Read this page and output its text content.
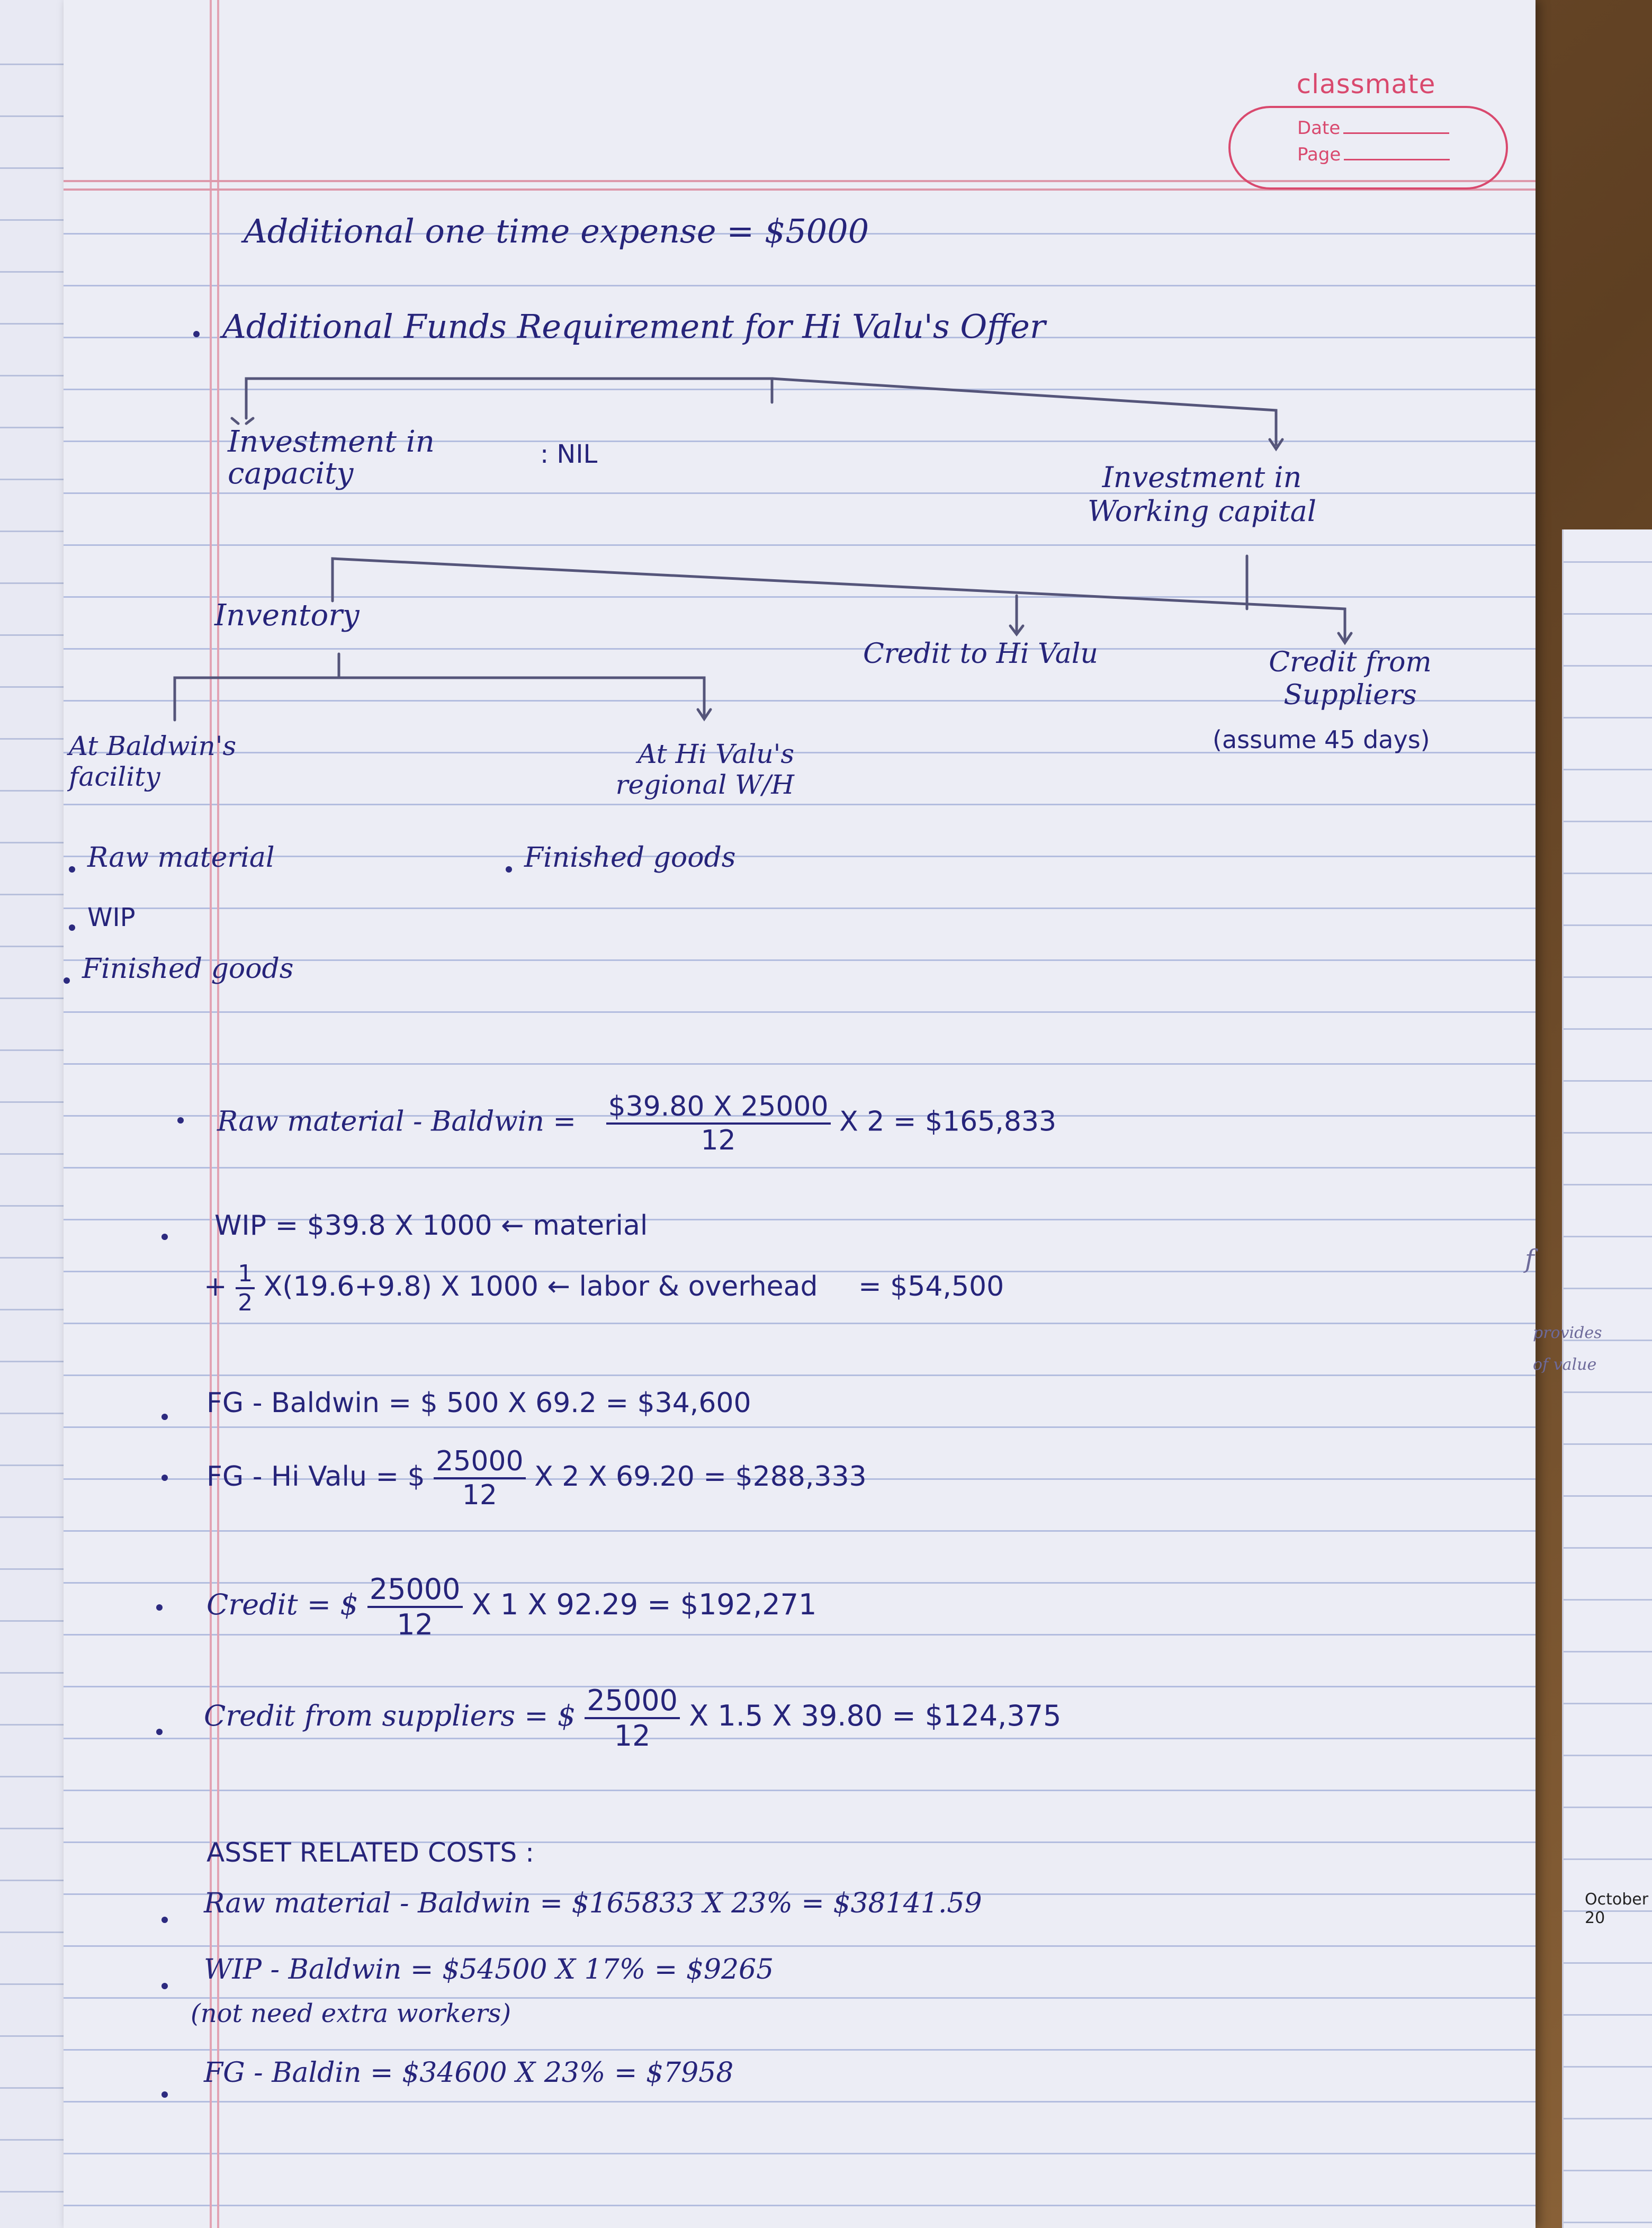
October 20
classmate
Date
Page
Additional one time expense = $5000
Additional Funds Requirement for Hi Valu's Offer
Investment in capacity
: NIL
Investment in Working capital
Inventory
Credit to Hi Valu	Credit from Suppliers
(assume 45 days)
At Baldwin's facility
At Hi Valu's regional W/H
Raw material
WIP
Finished goods
Finished goods
Raw material - Baldwin = $\frac{\$39.80 X 25000}{12}$ X 2 = $165,833
WIP = $39.8 X 1000 ← material
+ $\frac{1}{2} X(19.6+9.8)$ X 1000 ← labor & overhead = $54,500
FG - Baldwin = $ 500 X 69.2 = $34,600
FG - Hi Valu = $ $\frac{25000}{12}$ X 2 X 69.20 = $288,333
Credit = $ $\frac{25000}{12}$ X 1 X 92.29 = $192,271
Credit from suppliers = $ $\frac{25000}{12}$ X 1.5 X 39.80 = $124,375
ASSET RELATED COSTS :
Raw material - Baldwin = $165833 X 23% = $38141.59
WIP - Baldwin = $54500 X 17% = $9265
(not need extra workers)
FG - Baldin = $34600 X 23% = $7958
f
provides
of value
